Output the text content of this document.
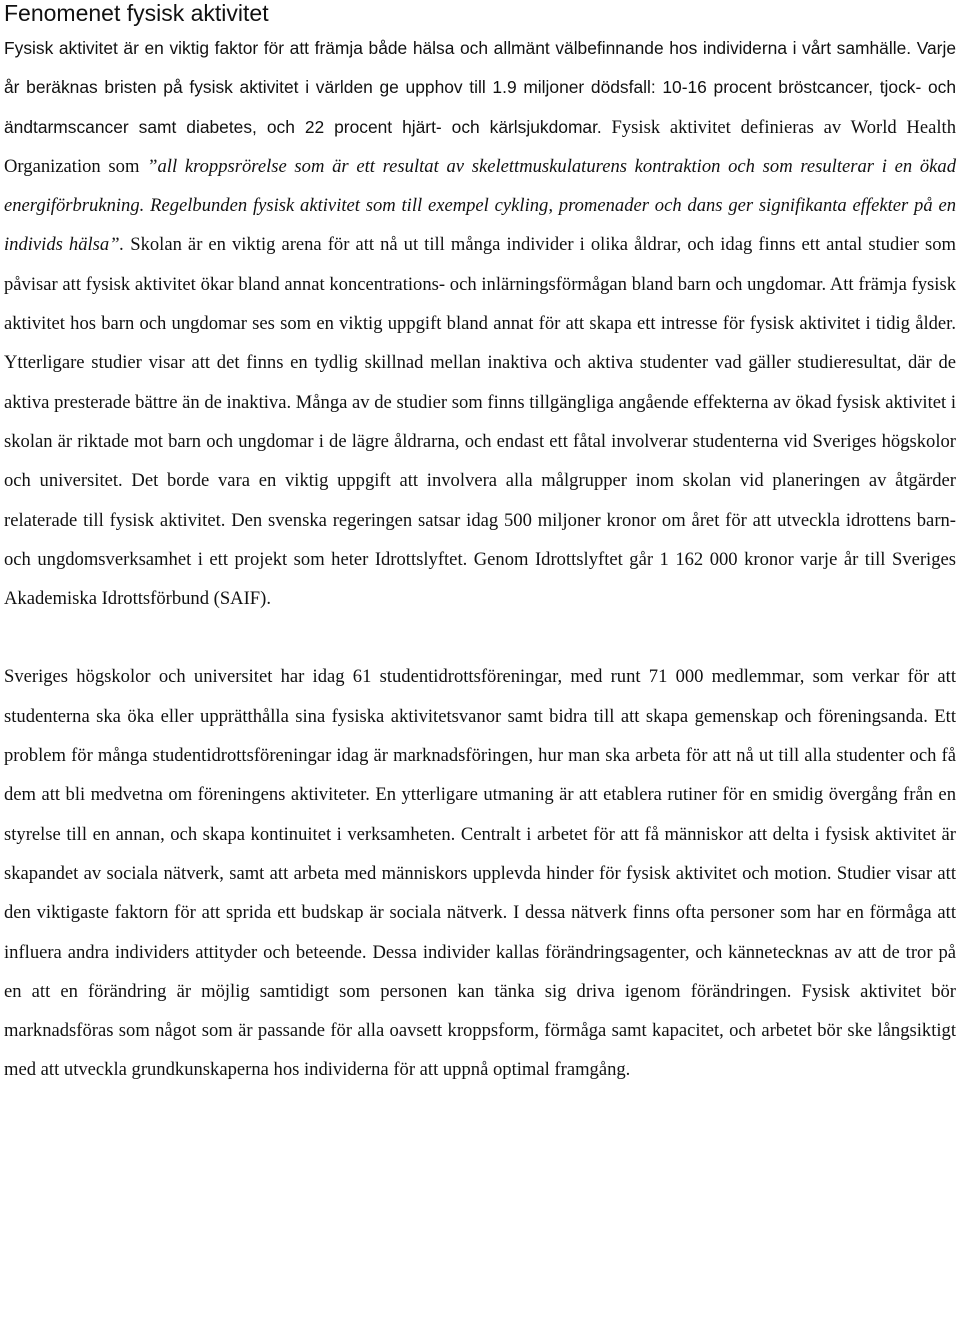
Fenomenet fysisk aktivitet

Fysisk aktivitet är en viktig faktor för att främja både hälsa och allmänt välbefinnande hos individerna i vårt samhälle. Varje år beräknas bristen på fysisk aktivitet i världen ge upphov till 1.9 miljoner dödsfall: 10-16 procent bröstcancer, tjock- och ändtarmscancer samt diabetes, och 22 procent hjärt- och kärlsjukdomar. Fysisk aktivitet definieras av World Health Organization som ”all kroppsrörelse som är ett resultat av skelettmuskulaturens kontraktion och som resulterar i en ökad energiförbrukning. Regelbunden fysisk aktivitet som till exempel cykling, promenader och dans ger signifikanta effekter på en individs hälsa”. Skolan är en viktig arena för att nå ut till många individer i olika åldrar, och idag finns ett antal studier som påvisar att fysisk aktivitet ökar bland annat koncentrations- och inlärningsförmågan bland barn och ungdomar. Att främja fysisk aktivitet hos barn och ungdomar ses som en viktig uppgift bland annat för att skapa ett intresse för fysisk aktivitet i tidig ålder. Ytterligare studier visar att det finns en tydlig skillnad mellan inaktiva och aktiva studenter vad gäller studieresultat, där de aktiva presterade bättre än de inaktiva. Många av de studier som finns tillgängliga angående effekterna av ökad fysisk aktivitet i skolan är riktade mot barn och ungdomar i de lägre åldrarna, och endast ett fåtal involverar studenterna vid Sveriges högskolor och universitet. Det borde vara en viktig uppgift att involvera alla målgrupper inom skolan vid planeringen av åtgärder relaterade till fysisk aktivitet. Den svenska regeringen satsar idag 500 miljoner kronor om året för att utveckla idrottens barn- och ungdomsverksamhet i ett projekt som heter Idrottslyftet. Genom Idrottslyftet går 1 162 000 kronor varje år till Sveriges Akademiska Idrottsförbund (SAIF).

Sveriges högskolor och universitet har idag 61 studentidrottsföreningar, med runt 71 000 medlemmar, som verkar för att studenterna ska öka eller upprätthålla sina fysiska aktivitetsvanor samt bidra till att skapa gemenskap och föreningsanda. Ett problem för många studentidrottsföreningar idag är marknadsföringen, hur man ska arbeta för att nå ut till alla studenter och få dem att bli medvetna om föreningens aktiviteter. En ytterligare utmaning är att etablera rutiner för en smidig övergång från en styrelse till en annan, och skapa kontinuitet i verksamheten. Centralt i arbetet för att få människor att delta i fysisk aktivitet är skapandet av sociala nätverk, samt att arbeta med människors upplevda hinder för fysisk aktivitet och motion. Studier visar att den viktigaste faktorn för att sprida ett budskap är sociala nätverk. I dessa nätverk finns ofta personer som har en förmåga att influera andra individers attityder och beteende. Dessa individer kallas förändringsagenter, och kännetecknas av att de tror på en att en förändring är möjlig samtidigt som personen kan tänka sig driva igenom förändringen. Fysisk aktivitet bör marknadsföras som något som är passande för alla oavsett kroppsform, förmåga samt kapacitet, och arbetet bör ske långsiktigt med att utveckla grundkunskaperna hos individerna för att uppnå optimal framgång.
